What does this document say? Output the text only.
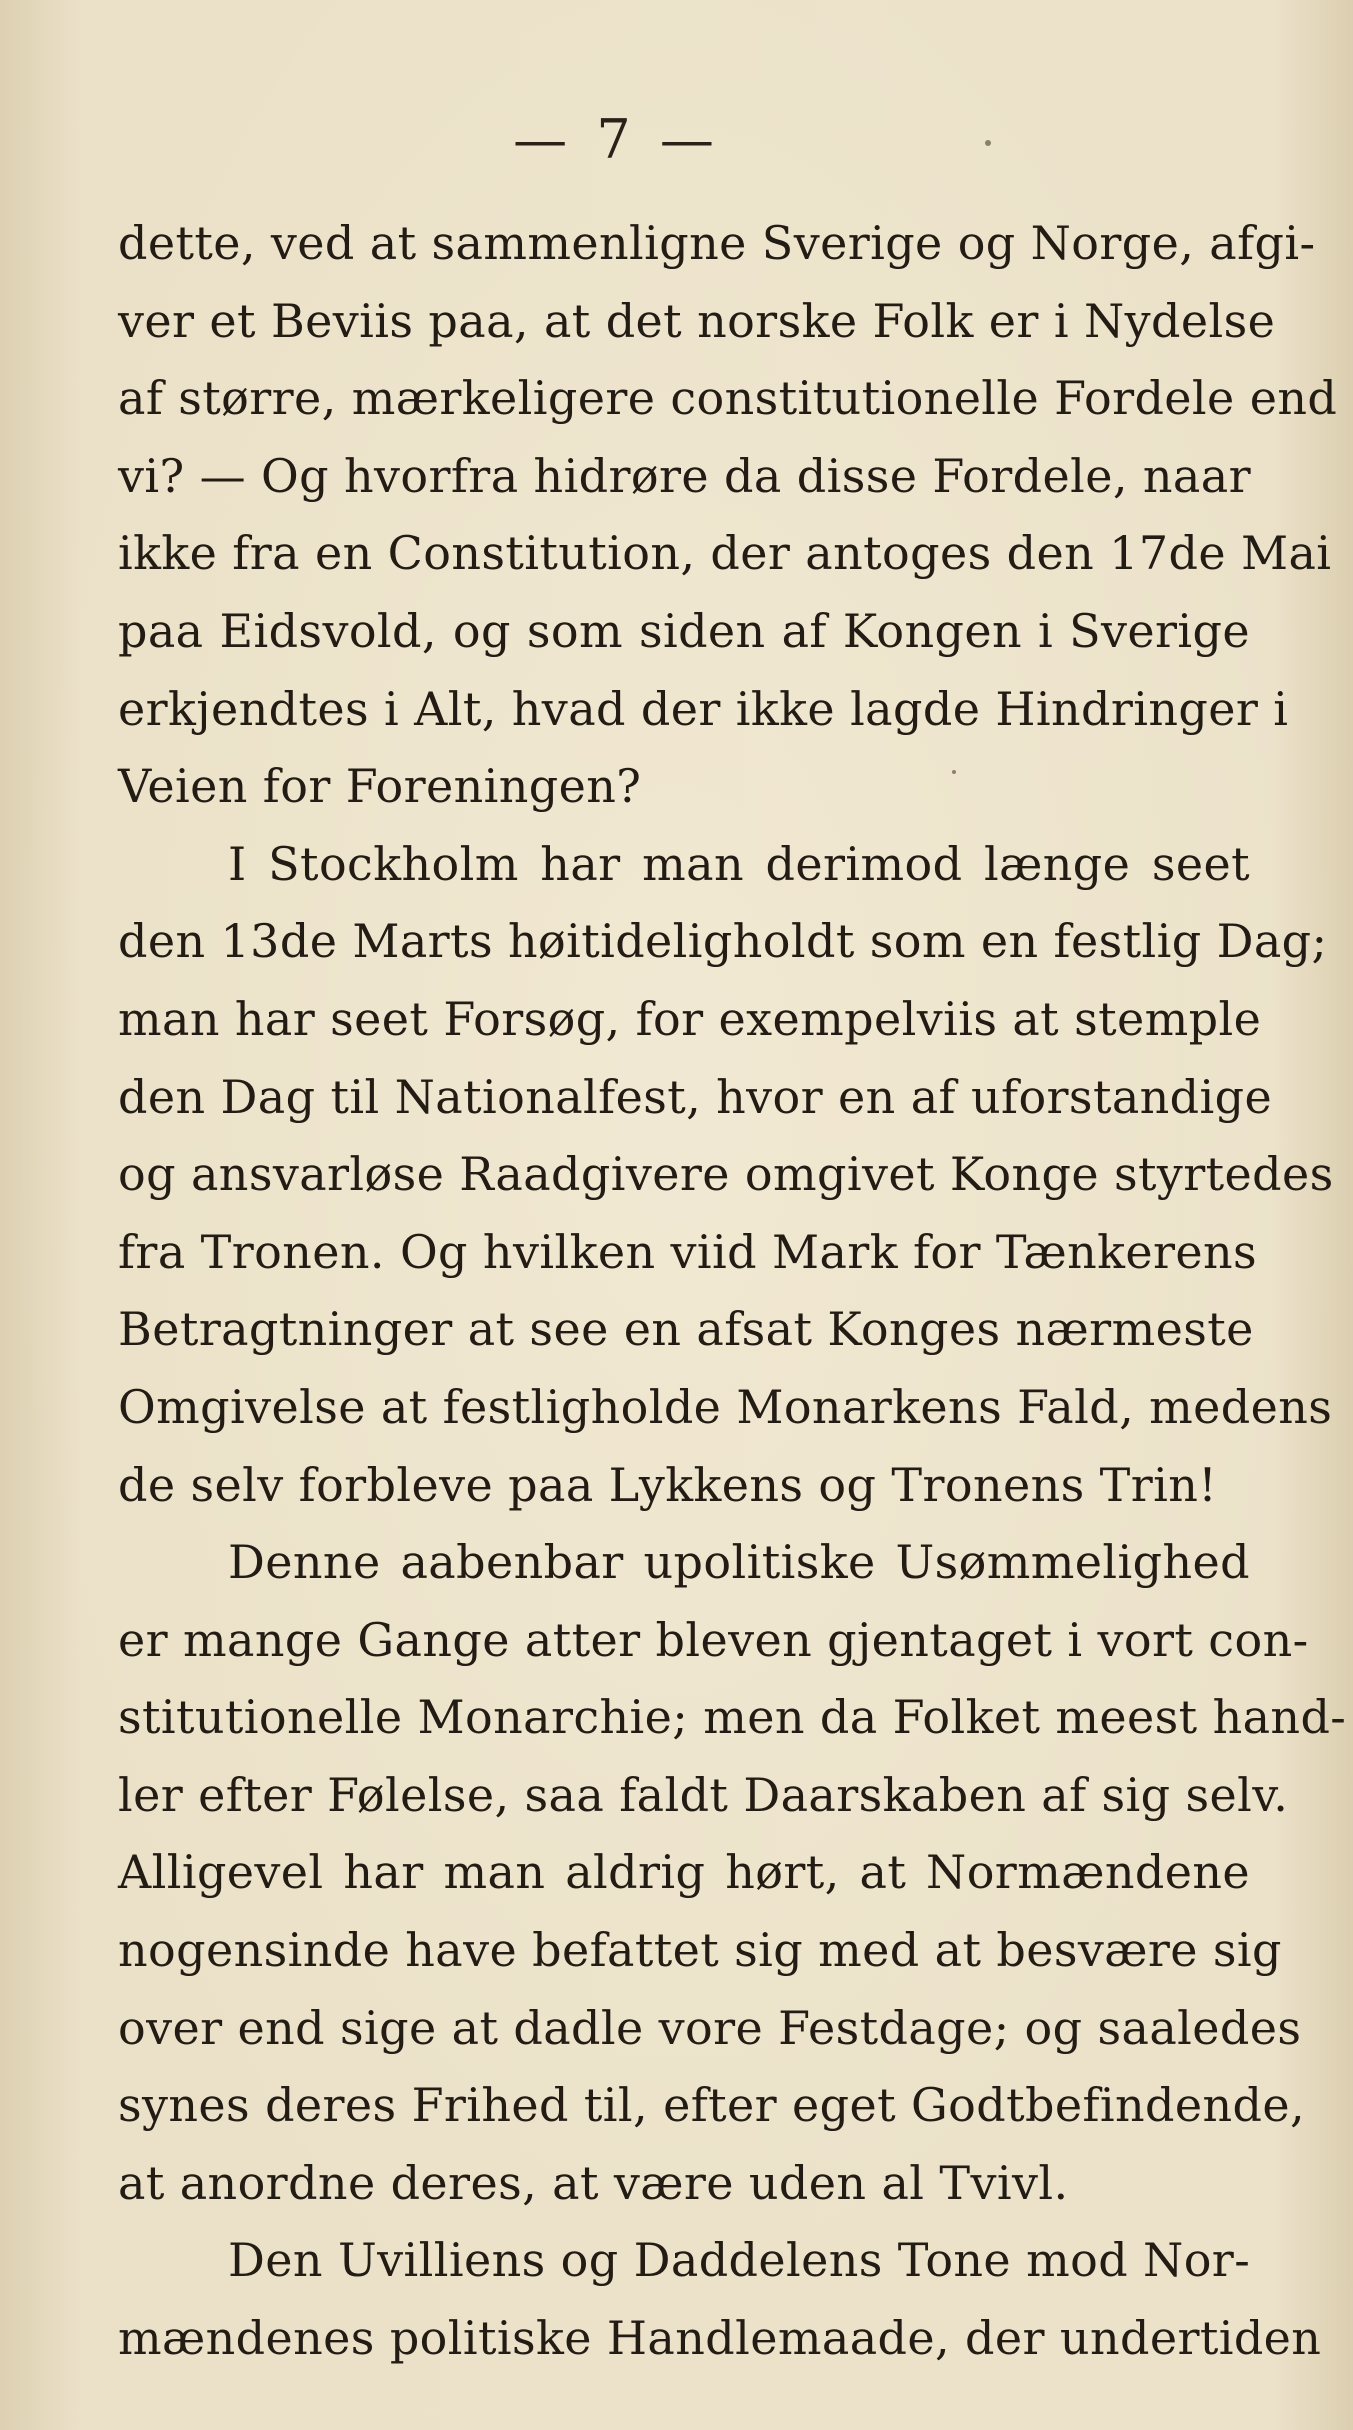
— 7 —
dette, ved at sammenligne Sverige og Norge, afgi-
ver et Beviis paa, at det norske Folk er i Nydelse
af større, mærkeligere constitutionelle Fordele end
vi? — Og hvorfra hidrøre da disse Fordele, naar
ikke fra en Constitution, der antoges den 17de Mai
paa Eidsvold, og som siden af Kongen i Sverige
erkjendtes i Alt, hvad der ikke lagde Hindringer i
Veien for Foreningen?
I Stockholm har man derimod længe seet
den 13de Marts høitideligholdt som en festlig Dag;
man har seet Forsøg, for exempelviis at stemple
den Dag til Nationalfest, hvor en af uforstandige
og ansvarløse Raadgivere omgivet Konge styrtedes
fra Tronen. Og hvilken viid Mark for Tænkerens
Betragtninger at see en afsat Konges nærmeste
Omgivelse at festligholde Monarkens Fald, medens
de selv forbleve paa Lykkens og Tronens Trin!
Denne aabenbar upolitiske Usømmelighed
er mange Gange atter bleven gjentaget i vort con-
stitutionelle Monarchie; men da Folket meest hand-
ler efter Følelse, saa faldt Daarskaben af sig selv.
Alligevel har man aldrig hørt, at Normændene
nogensinde have befattet sig med at besvære sig
over end sige at dadle vore Festdage; og saaledes
synes deres Frihed til, efter eget Godtbefindende,
at anordne deres, at være uden al Tvivl.
Den Uvilliens og Daddelens Tone mod Nor-
mændenes politiske Handlemaade, der undertiden
